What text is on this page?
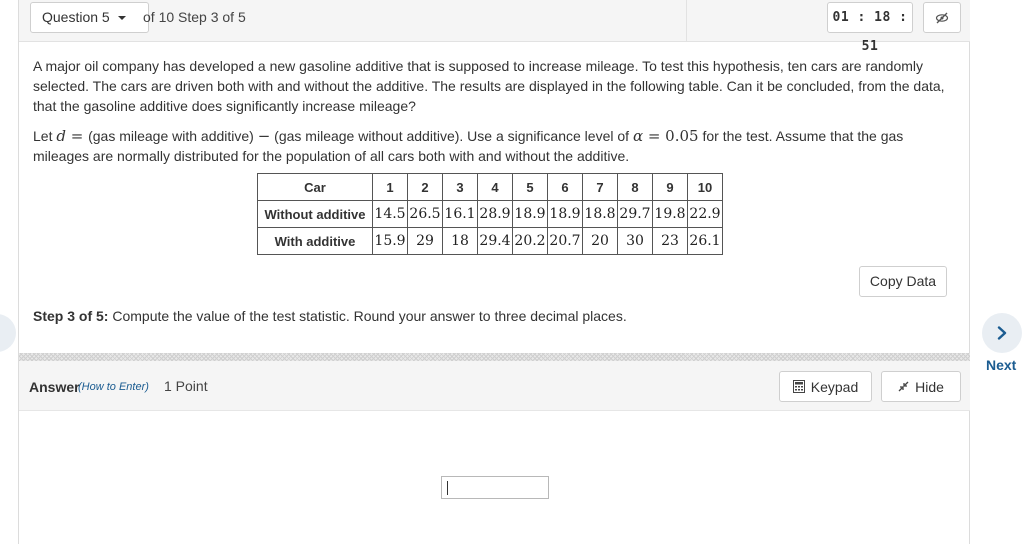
Question 5	of 10 Step 3 of 5	01 : 18 : 51

A major oil company has developed a new gasoline additive that is supposed to increase mileage. To test this hypothesis, ten cars are randomly selected. The cars are driven both with and without the additive. The results are displayed in the following table. Can it be concluded, from the data, that the gasoline additive does significantly increase mileage?

Let d = (gas mileage with additive) − (gas mileage without additive). Use a significance level of α = 0.05 for the test. Assume that the gas mileages are normally distributed for the population of all cars both with and without the additive.

Car	1	2	3	4	5	6	7	8	9	10
Without additive	14.5	26.5	16.1	28.9	18.9	18.9	18.8	29.7	19.8	22.9
With additive	15.9	29	18	29.4	20.2	20.7	20	30	23	26.1
Copy Data
Step 3 of 5: Compute the value of the test statistic. Round your answer to three decimal places.
Answer
(How to Enter) 1 Point	Keypad	Hide
Next
